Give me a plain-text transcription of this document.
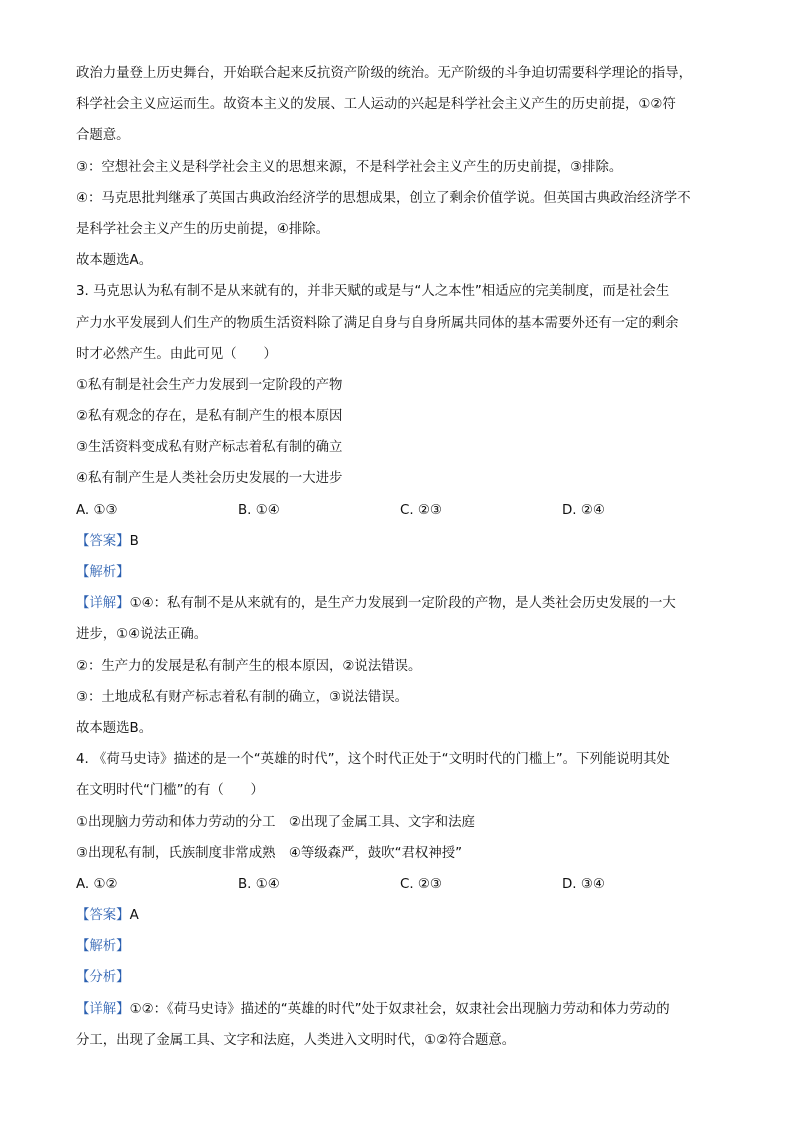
政治力量登上历史舞台，开始联合起来反抗资产阶级的统治。无产阶级的斗争迫切需要科学理论的指导，
科学社会主义应运而生。故资本主义的发展、工人运动的兴起是科学社会主义产生的历史前提，①②符
合题意。
③：空想社会主义是科学社会主义的思想来源，不是科学社会主义产生的历史前提，③排除。
④：马克思批判继承了英国古典政治经济学的思想成果，创立了剩余价值学说。但英国古典政治经济学不
是科学社会主义产生的历史前提，④排除。
故本题选A。
3. 马克思认为私有制不是从来就有的，并非天赋的或是与“人之本性”相适应的完美制度，而是社会生
产力水平发展到人们生产的物质生活资料除了满足自身与自身所属共同体的基本需要外还有一定的剩余
时才必然产生。由此可见（　　）
①私有制是社会生产力发展到一定阶段的产物
②私有观念的存在，是私有制产生的根本原因
③生活资料变成私有财产标志着私有制的确立
④私有制产生是人类社会历史发展的一大进步
A. ①③	B. ①④	C. ②③	D. ②④
【答案】B
【解析】
【详解】①④：私有制不是从来就有的，是生产力发展到一定阶段的产物，是人类社会历史发展的一大
进步，①④说法正确。
②：生产力的发展是私有制产生的根本原因，②说法错误。
③：土地成私有财产标志着私有制的确立，③说法错误。
故本题选B。
4. 《荷马史诗》描述的是一个“英雄的时代”，这个时代正处于“文明时代的门槛上”。下列能说明其处
在文明时代“门槛”的有（　　）
①出现脑力劳动和体力劳动的分工　②出现了金属工具、文字和法庭
③出现私有制，氏族制度非常成熟　④等级森严，鼓吹“君权神授”
A. ①②	B. ①④	C. ②③	D. ③④
【答案】A
【解析】
【分析】
【详解】①②：《荷马史诗》描述的“英雄的时代”处于奴隶社会，奴隶社会出现脑力劳动和体力劳动的
分工，出现了金属工具、文字和法庭，人类进入文明时代，①②符合题意。
